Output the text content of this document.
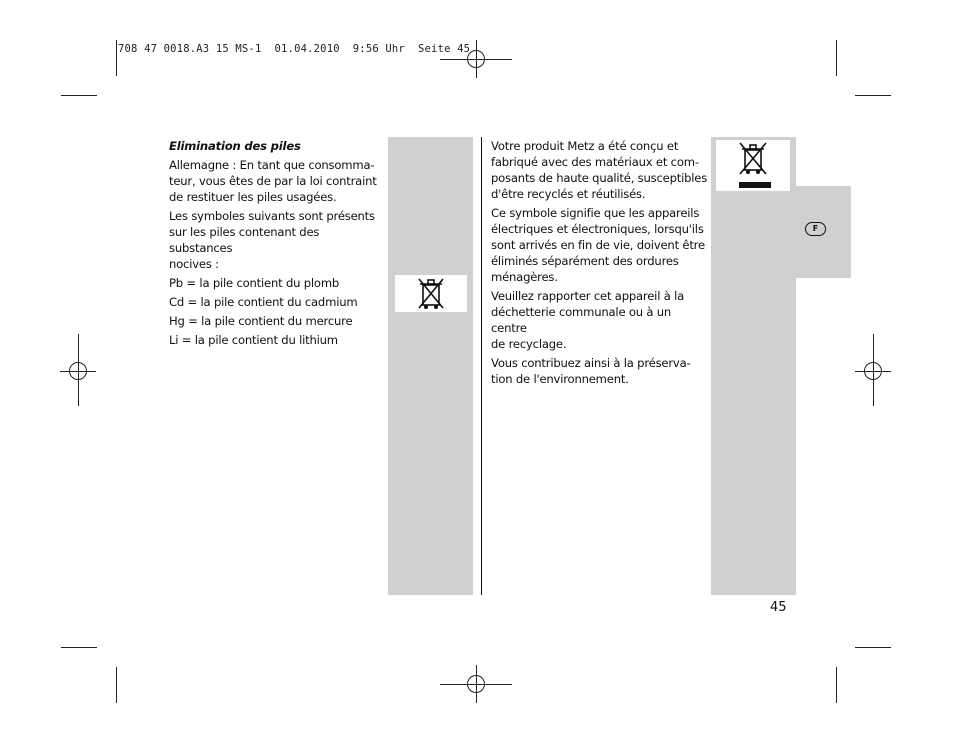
708 47 0018.A3 15 MS-1  01.04.2010  9:56 Uhr  Seite 45

Elimination des piles

Allemagne : En tant que consomma-
teur, vous êtes de par la loi contraint
de restituer les piles usagées.

Les symboles suivants sont présents
sur les piles contenant des substances
nocives :

Pb = la pile contient du plomb

Cd = la pile contient du cadmium

Hg = la pile contient du mercure

Li = la pile contient du lithium

Votre produit Metz a été conçu et
fabriqué avec des matériaux et com-
posants de haute qualité, susceptibles
d'être recyclés et réutilisés.

Ce symbole signifie que les appareils
électriques et électroniques, lorsqu'ils
sont arrivés en fin de vie, doivent être
éliminés séparément des ordures
ménagères.

Veuillez rapporter cet appareil à la
déchetterie communale ou à un centre
de recyclage.

Vous contribuez ainsi à la préserva-
tion de l'environnement.

F
45
